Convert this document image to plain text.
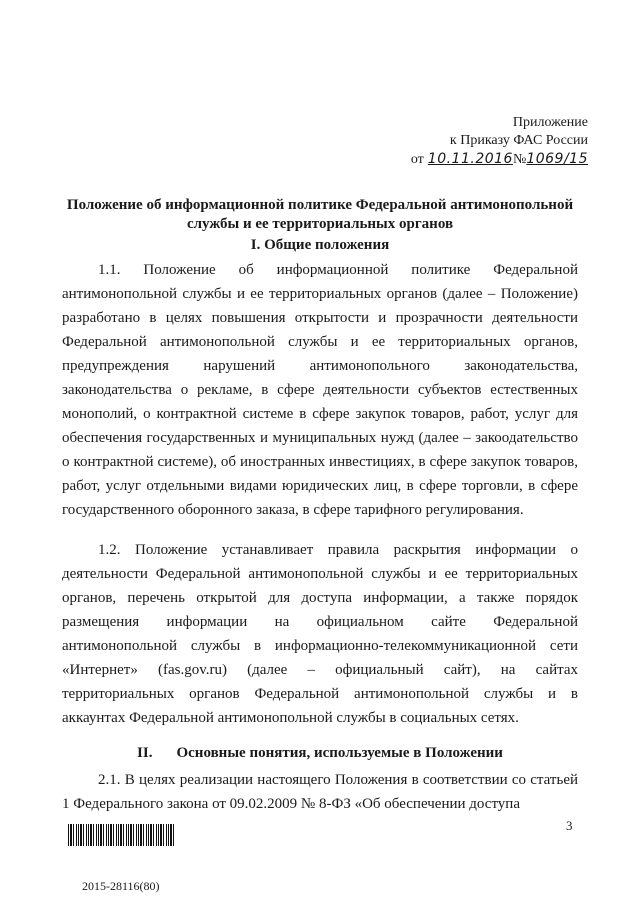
Приложение
к Приказу ФАС России
от 10.11.2016 № 1069/15
Положение об информационной политике Федеральной антимонопольной службы и ее территориальных органов
I. Общие положения

1.1. Положение об информационной политике Федеральной антимонопольной службы и ее территориальных органов (далее – Положение) разработано в целях повышения открытости и прозрачности деятельности Федеральной антимонопольной службы и ее территориальных органов, предупреждения нарушений антимонопольного законодательства, законодательства о рекламе, в сфере деятельности субъектов естественных монополий, о контрактной системе в сфере закупок товаров, работ, услуг для обеспечения государственных и муниципальных нужд (далее – закоодательство о контрактной системе), об иностранных инвестициях, в сфере закупок товаров, работ, услуг отдельными видами юридических лиц, в сфере торговли, в сфере государственного оборонного заказа, в сфере тарифного регулирования.

1.2. Положение устанавливает правила раскрытия информации о деятельности Федеральной антимонопольной службы и ее территориальных органов, перечень открытой для доступа информации, а также порядок размещения информации на официальном сайте Федеральной антимонопольной службы в информационно-телекоммуникационной сети «Интернет» (fas.gov.ru) (далее – официальный сайт), на сайтах территориальных органов Федеральной антимонопольной службы и в аккаунтах Федеральной антимонопольной службы в социальных сетях.

II. Основные понятия, используемые в Положении

2.1. В целях реализации настоящего Положения в соответствии со статьей 1 Федерального закона от 09.02.2009 № 8-ФЗ «Об обеспечении доступа

3
2015-28116(80)
